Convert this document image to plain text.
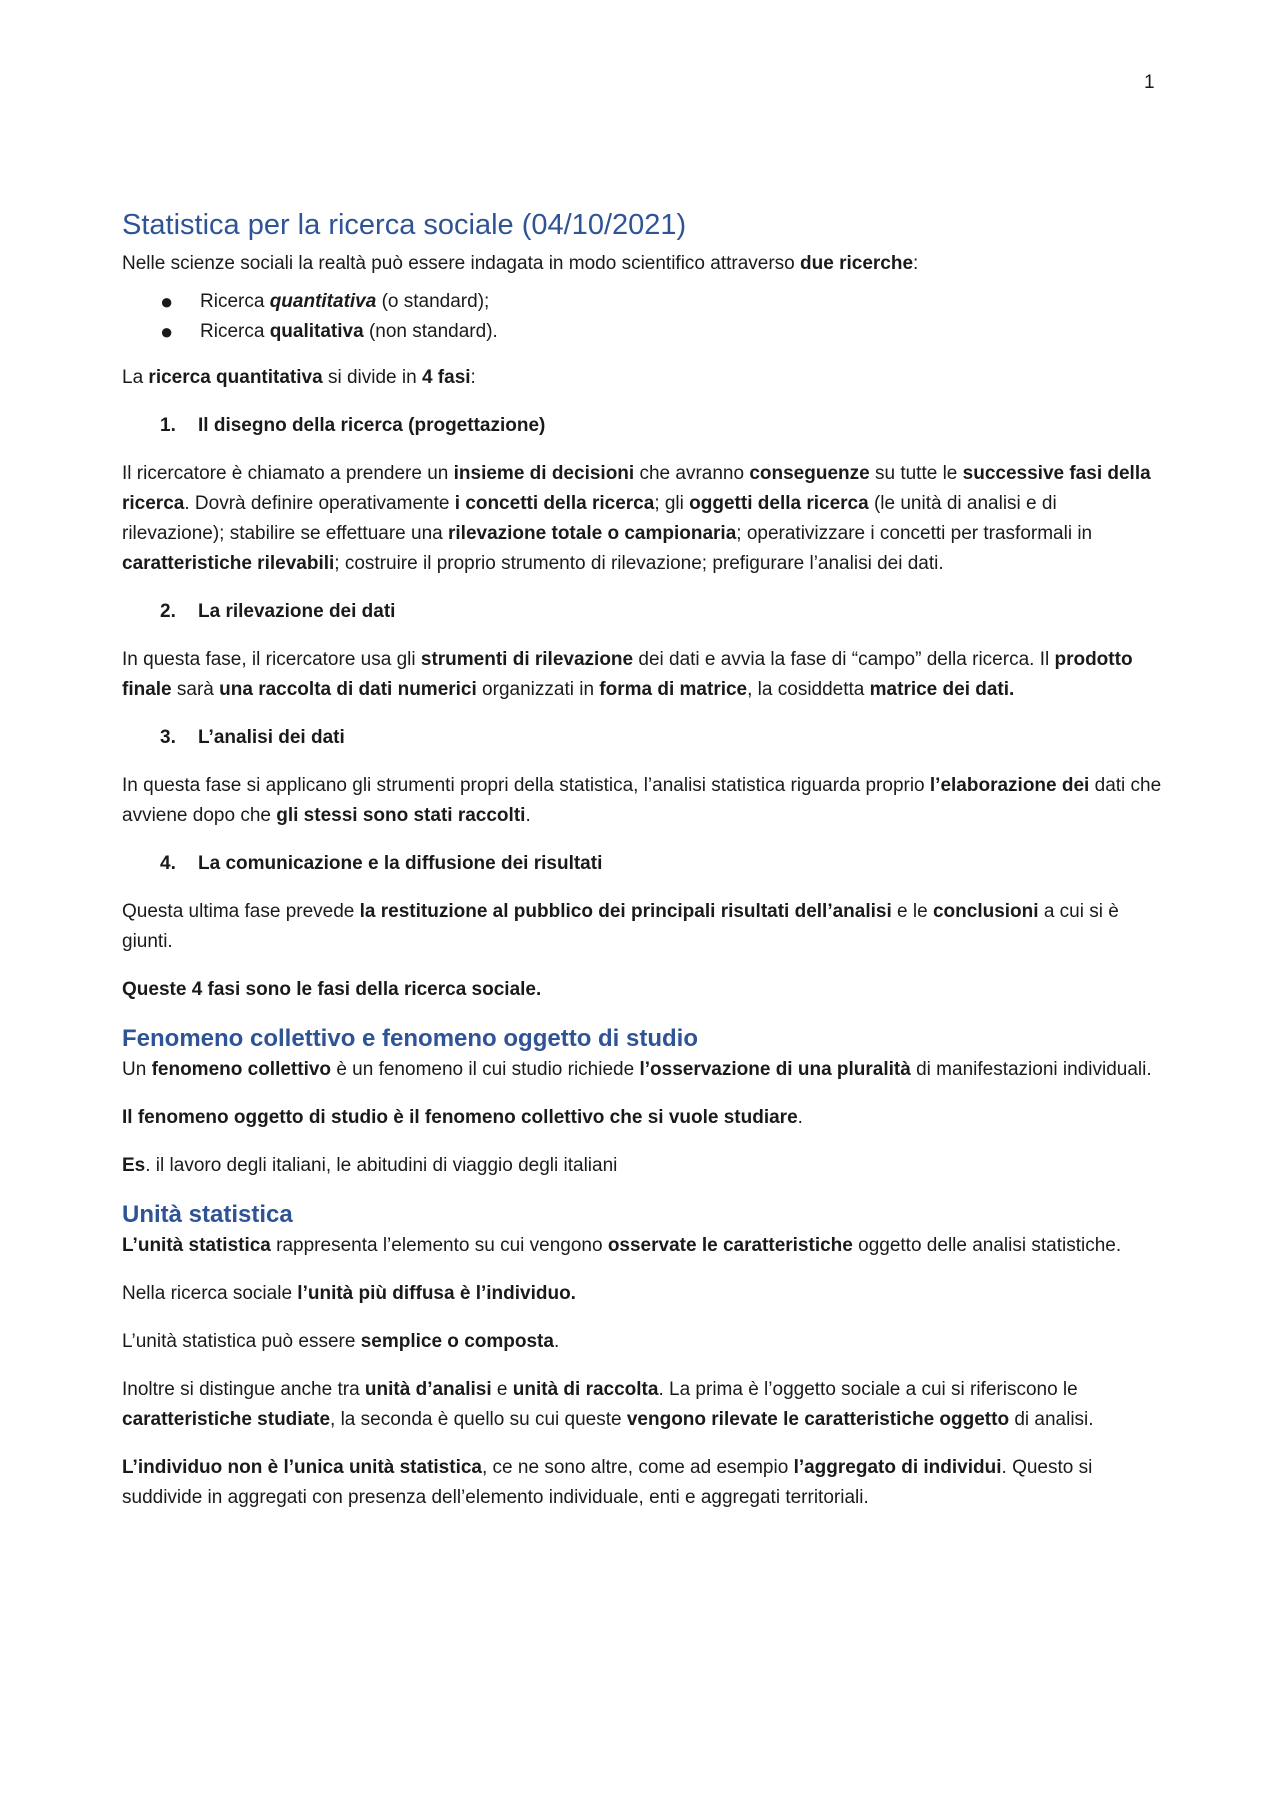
1
Statistica per la ricerca sociale (04/10/2021)

Nelle scienze sociali la realtà può essere indagata in modo scientifico attraverso due ricerche:

● Ricerca quantitativa (o standard);
● Ricerca qualitativa (non standard).

La ricerca quantitativa si divide in 4 fasi:

1. Il disegno della ricerca (progettazione)

Il ricercatore è chiamato a prendere un insieme di decisioni che avranno conseguenze su tutte le successive fasi della ricerca. Dovrà definire operativamente i concetti della ricerca; gli oggetti della ricerca (le unità di analisi e di rilevazione); stabilire se effettuare una rilevazione totale o campionaria; operativizzare i concetti per trasformali in caratteristiche rilevabili; costruire il proprio strumento di rilevazione; prefigurare l’analisi dei dati.

2. La rilevazione dei dati

In questa fase, il ricercatore usa gli strumenti di rilevazione dei dati e avvia la fase di “campo” della ricerca. Il prodotto finale sarà una raccolta di dati numerici organizzati in forma di matrice, la cosiddetta matrice dei dati.

3. L’analisi dei dati

In questa fase si applicano gli strumenti propri della statistica, l’analisi statistica riguarda proprio l’elaborazione dei dati che avviene dopo che gli stessi sono stati raccolti.

4. La comunicazione e la diffusione dei risultati

Questa ultima fase prevede la restituzione al pubblico dei principali risultati dell’analisi e le conclusioni a cui si è giunti.

Queste 4 fasi sono le fasi della ricerca sociale.

Fenomeno collettivo e fenomeno oggetto di studio

Un fenomeno collettivo è un fenomeno il cui studio richiede l’osservazione di una pluralità di manifestazioni individuali.

Il fenomeno oggetto di studio è il fenomeno collettivo che si vuole studiare.

Es. il lavoro degli italiani, le abitudini di viaggio degli italiani

Unità statistica

L’unità statistica rappresenta l’elemento su cui vengono osservate le caratteristiche oggetto delle analisi statistiche.

Nella ricerca sociale l’unità più diffusa è l’individuo.

L’unità statistica può essere semplice o composta.

Inoltre si distingue anche tra unità d’analisi e unità di raccolta. La prima è l’oggetto sociale a cui si riferiscono le caratteristiche studiate, la seconda è quello su cui queste vengono rilevate le caratteristiche oggetto di analisi.

L’individuo non è l’unica unità statistica, ce ne sono altre, come ad esempio l’aggregato di individui. Questo si suddivide in aggregati con presenza dell’elemento individuale, enti e aggregati territoriali.
